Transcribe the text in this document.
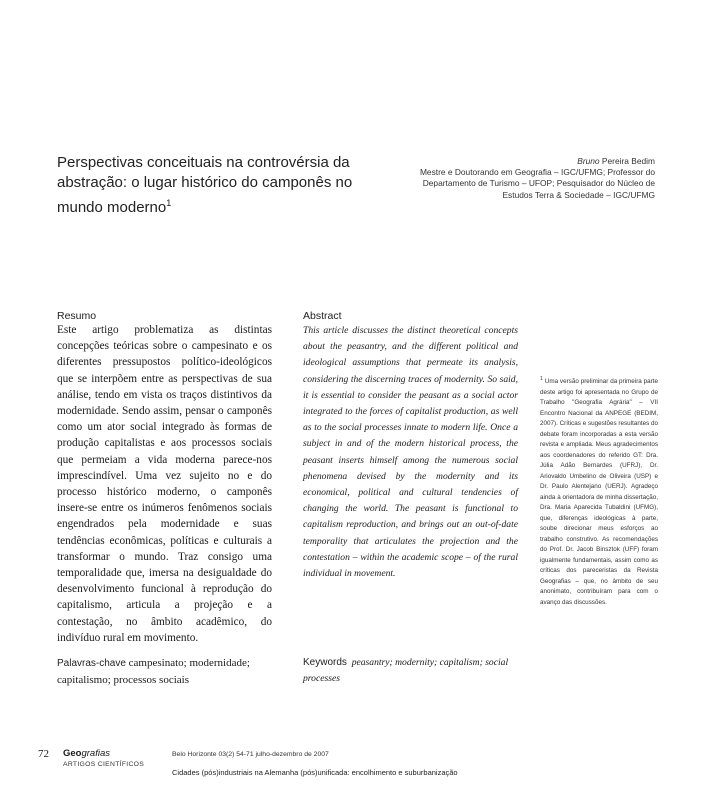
Perspectivas conceituais na controvérsia da abstração: o lugar histórico do camponês no mundo moderno$^1$
Bruno Pereira Bedim
Mestre e Doutorando em Geografia – IGC/UFMG; Professor do
Departamento de Turismo – UFOP; Pesquisador do Núcleo de
Estudos Terra & Sociedade – IGC/UFMG
Resumo
Este artigo problematiza as distintas concepções teóricas sobre o campesinato e os diferentes pressupostos político-ideológicos que se interpõem entre as perspectivas de sua análise, tendo em vista os traços distintivos da modernidade. Sendo assim, pensar o camponês como um ator social integrado às formas de produção capitalistas e aos processos sociais que permeiam a vida moderna parece-nos imprescindível. Uma vez sujeito no e do processo histórico moderno, o camponês insere-se entre os inúmeros fenômenos sociais engendrados pela modernidade e suas tendências econômicas, políticas e culturais a transformar o mundo. Traz consigo uma temporalidade que, imersa na desigualdade do desenvolvimento funcional à reprodução do capitalismo, articula a projeção e a contestação, no âmbito acadêmico, do indivíduo rural em movimento.
Abstract
This article discusses the distinct theoretical concepts about the peasantry, and the different political and ideological assumptions that permeate its analysis, considering the discerning traces of modernity. So said, it is essential to consider the peasant as a social actor integrated to the forces of capitalist production, as well as to the social processes innate to modern life. Once a subject in and of the modern historical process, the peasant inserts himself among the numerous social phenomena devised by the modernity and its economical, political and cultural tendencies of changing the world. The peasant is functional to capitalism reproduction, and brings out an out-of-date temporality that articulates the projection and the contestation – within the academic scope – of the rural individual in movement.
$^1$ Uma versão preliminar da primeira parte deste artigo foi apresentada no Grupo de Trabalho "Geografia Agrária" – VII Encontro Nacional da ANPEGE (BEDIM, 2007). Críticas e sugestões resultantes do debate foram incorporadas a esta versão revista e ampliada. Meus agradecimentos aos coordenadores do referido GT: Dra. Júlia Adão Bernardes (UFRJ), Dr. Ariovaldo Umbelino de Oliveira (USP) e Dr. Paulo Alentejano (UERJ). Agradeço ainda à orientadora de minha dissertação, Dra. Maria Aparecida Tubaldini (UFMG), que, diferenças ideológicas à parte, soube direcionar meus esforços ao trabalho construtivo. As recomendações do Prof. Dr. Jacob Binsztok (UFF) foram igualmente fundamentais, assim como as críticas dos pareceristas da Revista Geografias – que, no âmbito de seu anonimato, contribuíram para com o avanço das discussões.
Palavras-chave campesinato; modernidade; capitalismo; processos sociais
Keywords peasantry; modernity; capitalism; social processes
72 Geografias
ARTIGOS CIENTÍFICOS
Belo Horizonte 03(2) 54-71 julho-dezembro de 2007
Cidades (pós)industriais na Alemanha (pós)unificada: encolhimento e suburbanização
